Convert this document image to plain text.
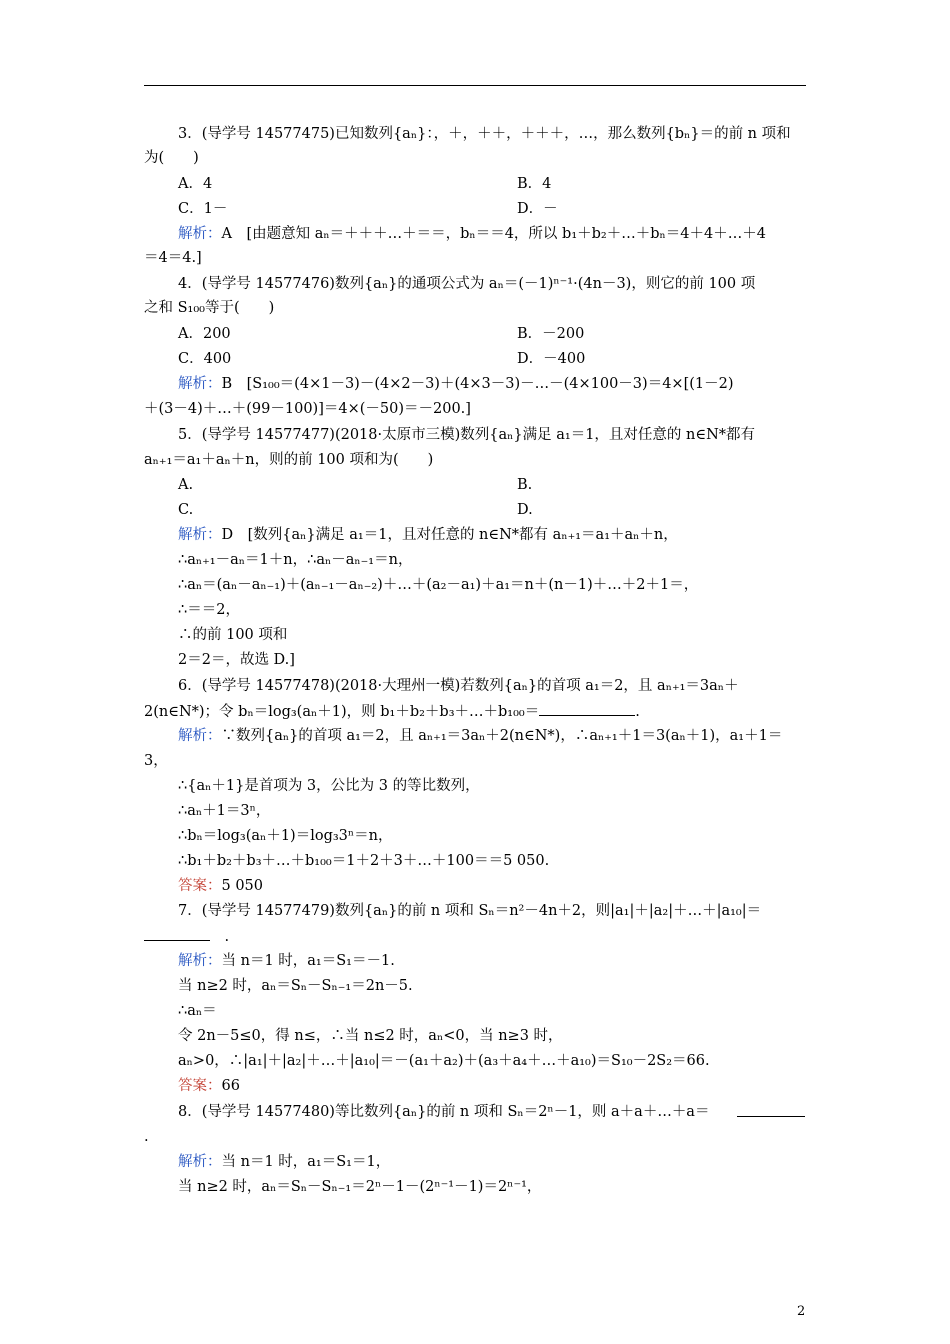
3．(导学号 14577475)已知数列{aₙ}：，＋，＋＋，＋＋＋，…，那么数列{bₙ}＝的前 n 项和
为(　　)
A．4	B．4
C．1－	D．－
解析：A　[由题意知 aₙ＝＋＋＋…＋＝＝，bₙ＝＝4，所以 b₁＋b₂＋…＋bₙ＝4＋4＋…＋4
＝4＝4.]
4．(导学号 14577476)数列{aₙ}的通项公式为 aₙ＝(－1)ⁿ⁻¹·(4n－3)，则它的前 100 项
之和 S₁₀₀等于(　　)
A．200	B．－200
C．400	D．－400
解析：B　[S₁₀₀＝(4×1－3)－(4×2－3)＋(4×3－3)－…－(4×100－3)＝4×[(1－2)
＋(3－4)＋…＋(99－100)]＝4×(－50)＝－200.]
5．(导学号 14577477)(2018·太原市三模)数列{aₙ}满足 a₁＝1，且对任意的 n∈N*都有
aₙ₊₁＝a₁＋aₙ＋n，则的前 100 项和为(　　)
A.	B.
C.	D.
解析：D　[数列{aₙ}满足 a₁＝1，且对任意的 n∈N*都有 aₙ₊₁＝a₁＋aₙ＋n，
∴aₙ₊₁－aₙ＝1＋n，∴aₙ－aₙ₋₁＝n，
∴aₙ＝(aₙ－aₙ₋₁)＋(aₙ₋₁－aₙ₋₂)＋…＋(a₂－a₁)＋a₁＝n＋(n－1)＋…＋2＋1＝，
∴＝＝2，
∴的前 100 项和
2＝2＝，故选 D.]
6．(导学号 14577478)(2018·大理州一模)若数列{aₙ}的首项 a₁＝2，且 aₙ₊₁＝3aₙ＋
2(n∈N*)；令 bₙ＝log₃(aₙ＋1)，则 b₁＋b₂＋b₃＋…＋b₁₀₀＝	.
解析：∵数列{aₙ}的首项 a₁＝2，且 aₙ₊₁＝3aₙ＋2(n∈N*)，∴aₙ₊₁＋1＝3(aₙ＋1)，a₁＋1＝
3，
∴{aₙ＋1}是首项为 3，公比为 3 的等比数列，
∴aₙ＋1＝3ⁿ，
∴bₙ＝log₃(aₙ＋1)＝log₃3ⁿ＝n，
∴b₁＋b₂＋b₃＋…＋b₁₀₀＝1＋2＋3＋…＋100＝＝5 050.
答案：5 050
7．(导学号 14577479)数列{aₙ}的前 n 项和 Sₙ＝n²－4n＋2，则|a₁|＋|a₂|＋…＋|a₁₀|＝
　.
解析：当 n＝1 时，a₁＝S₁＝－1.
当 n≥2 时，aₙ＝Sₙ－Sₙ₋₁＝2n－5.
∴aₙ＝
令 2n－5≤0，得 n≤，∴当 n≤2 时，aₙ<0，当 n≥3 时，
aₙ>0，∴|a₁|＋|a₂|＋…＋|a₁₀|＝－(a₁＋a₂)＋(a₃＋a₄＋…＋a₁₀)＝S₁₀－2S₂＝66.
答案：66
8．(导学号 14577480)等比数列{aₙ}的前 n 项和 Sₙ＝2ⁿ－1，则 a＋a＋…＋a＝
.
解析：当 n＝1 时，a₁＝S₁＝1，
当 n≥2 时，aₙ＝Sₙ－Sₙ₋₁＝2ⁿ－1－(2ⁿ⁻¹－1)＝2ⁿ⁻¹，
2
